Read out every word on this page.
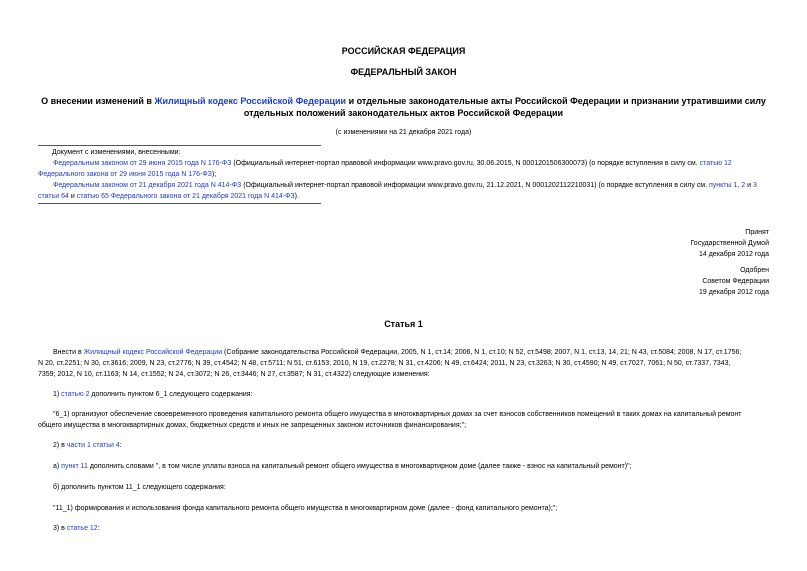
РОССИЙСКАЯ ФЕДЕРАЦИЯ
ФЕДЕРАЛЬНЫЙ ЗАКОН
О внесении изменений в Жилищный кодекс Российской Федерации и отдельные законодательные акты Российской Федерации и признании утратившими силу
отдельных положений законодательных актов Российской Федерации
(с изменениями на 21 декабря 2021 года)
Документ с изменениями, внесенными:
Федеральным законом от 29 июня 2015 года N 176-ФЗ (Официальный интернет-портал правовой информации www.pravo.gov.ru, 30.06.2015, N 0001201506300073) (о порядке вступления в силу см. статью 12 Федерального закона от 29 июня 2015 года N 176-ФЗ);
Федеральным законом от 21 декабря 2021 года N 414-ФЗ (Официальный интернет-портал правовой информации www.pravo.gov.ru, 21.12.2021, N 0001202112210031) (о порядке вступления в силу см. пункты 1, 2 и 3 статьи 64 и статью 65 Федерального закона от 21 декабря 2021 года N 414-ФЗ).
Принят
Государственной Думой
14 декабря 2012 года
Одобрен
Советом Федерации
19 декабря 2012 года
Статья 1
Внести в Жилищный кодекс Российской Федерации (Собрание законодательства Российской Федерации, 2005, N 1, ст.14; 2006, N 1, ст.10; N 52, ст.5498; 2007, N 1, ст.13, 14, 21; N 43, ст.5084; 2008, N 17, ст.1756;
N 20, ст.2251; N 30, ст.3616; 2009, N 23, ст.2776; N 39, ст.4542; N 48, ст.5711; N 51, ст.6153; 2010, N 19, ст.2278; N 31, ст.4206; N 49, ст.6424; 2011, N 23, ст.3263; N 30, ст.4590; N 49, ст.7027, 7061; N 50, ст.7337, 7343,
7359; 2012, N 10, ст.1163; N 14, ст.1552; N 24, ст.3072; N 26, ст.3446; N 27, ст.3587; N 31, ст.4322) следующие изменения:
1) статью 2 дополнить пунктом 6_1 следующего содержания:
"6_1) организуют обеспечение своевременного проведения капитального ремонта общего имущества в многоквартирных домах за счет взносов собственников помещений в таких домах на капитальный ремонт
общего имущества в многоквартирных домах, бюджетных средств и иных не запрещенных законом источников финансирования;";
2) в части 1 статьи 4:
а) пункт 11 дополнить словами ", в том числе уплаты взноса на капитальный ремонт общего имущества в многоквартирном доме (далее также - взнос на капитальный ремонт)";
б) дополнить пунктом 11_1 следующего содержания:
"11_1) формирования и использования фонда капитального ремонта общего имущества в многоквартирном доме (далее - фонд капитального ремонта);";
3) в статье 12:
